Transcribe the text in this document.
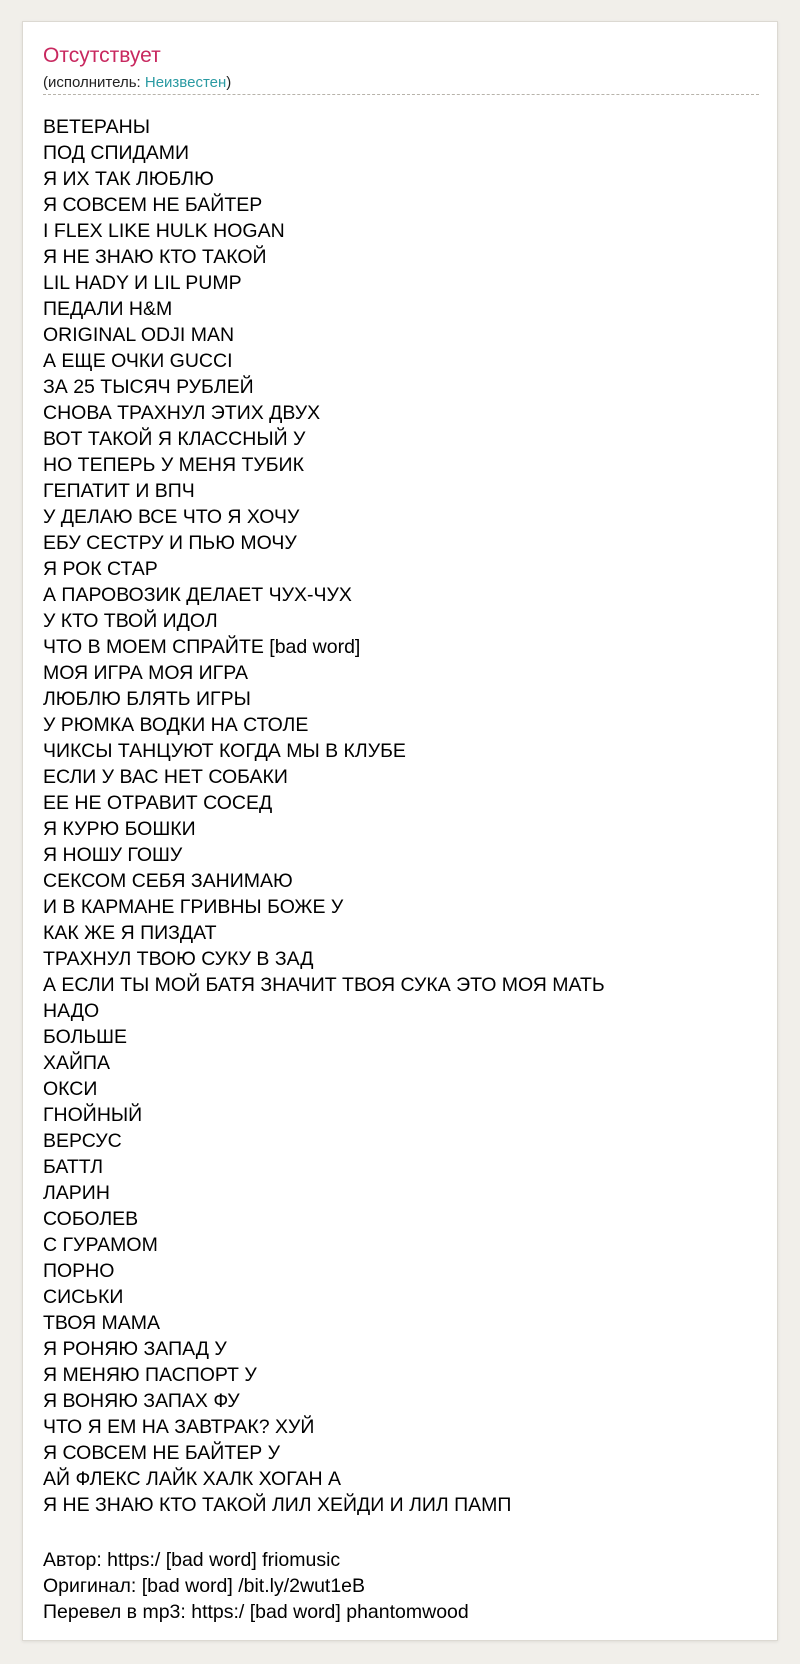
Отсутствует
(исполнитель: Неизвестен)
ВЕТЕРАНЫ
ПОД СПИДАМИ
Я ИХ ТАК ЛЮБЛЮ
Я СОВСЕМ НЕ БАЙТЕР
I FLEX LIKE HULK HOGAN
Я НЕ ЗНАЮ КТО ТАКОЙ
LIL HADY И LIL PUMP
ПЕДАЛИ H&M
ORIGINAL ODJI MAN
А ЕЩЕ ОЧКИ GUCCI
ЗА 25 ТЫСЯЧ РУБЛЕЙ
СНОВА ТРАХНУЛ ЭТИХ ДВУХ
ВОТ ТАКОЙ Я КЛАССНЫЙ У
НО ТЕПЕРЬ У МЕНЯ ТУБИК
ГЕПАТИТ И ВПЧ
У ДЕЛАЮ ВСЕ ЧТО Я ХОЧУ
ЕБУ СЕСТРУ И ПЬЮ МОЧУ
Я РОК СТАР
А ПАРОВОЗИК ДЕЛАЕТ ЧУХ-ЧУХ
У КТО ТВОЙ ИДОЛ
ЧТО В МОЕМ СПРАЙТЕ [bad word]
МОЯ ИГРА МОЯ ИГРА
ЛЮБЛЮ БЛЯТЬ ИГРЫ
У РЮМКА ВОДКИ НА СТОЛЕ
ЧИКСЫ ТАНЦУЮТ КОГДА МЫ В КЛУБЕ
ЕСЛИ У ВАС НЕТ СОБАКИ
ЕЕ НЕ ОТРАВИТ СОСЕД
Я КУРЮ БОШКИ
Я НОШУ ГОШУ
СЕКСОМ СЕБЯ ЗАНИМАЮ
И В КАРМАНЕ ГРИВНЫ БОЖЕ У
КАК ЖЕ Я ПИЗДАТ
ТРАХНУЛ ТВОЮ СУКУ В ЗАД
А ЕСЛИ ТЫ МОЙ БАТЯ ЗНАЧИТ ТВОЯ СУКА ЭТО МОЯ МАТЬ
НАДО
БОЛЬШЕ
ХАЙПА
ОКСИ
ГНОЙНЫЙ
ВЕРСУС
БАТТЛ
ЛАРИН
СОБОЛЕВ
С ГУРАМОМ
ПОРНО
СИСЬКИ
ТВОЯ МАМА
Я РОНЯЮ ЗАПАД У
Я МЕНЯЮ ПАСПОРТ У
Я ВОНЯЮ ЗАПАХ ФУ
ЧТО Я ЕМ НА ЗАВТРАК? ХУЙ
Я СОВСЕМ НЕ БАЙТЕР У
АЙ ФЛЕКС ЛАЙК ХАЛК ХОГАН А
Я НЕ ЗНАЮ КТО ТАКОЙ ЛИЛ ХЕЙДИ И ЛИЛ ПАМП
Автор: https:/ [bad word] friomusic
Оригинал: [bad word] /bit.ly/2wut1eB
Перевел в mp3: https:/ [bad word] phantomwood
